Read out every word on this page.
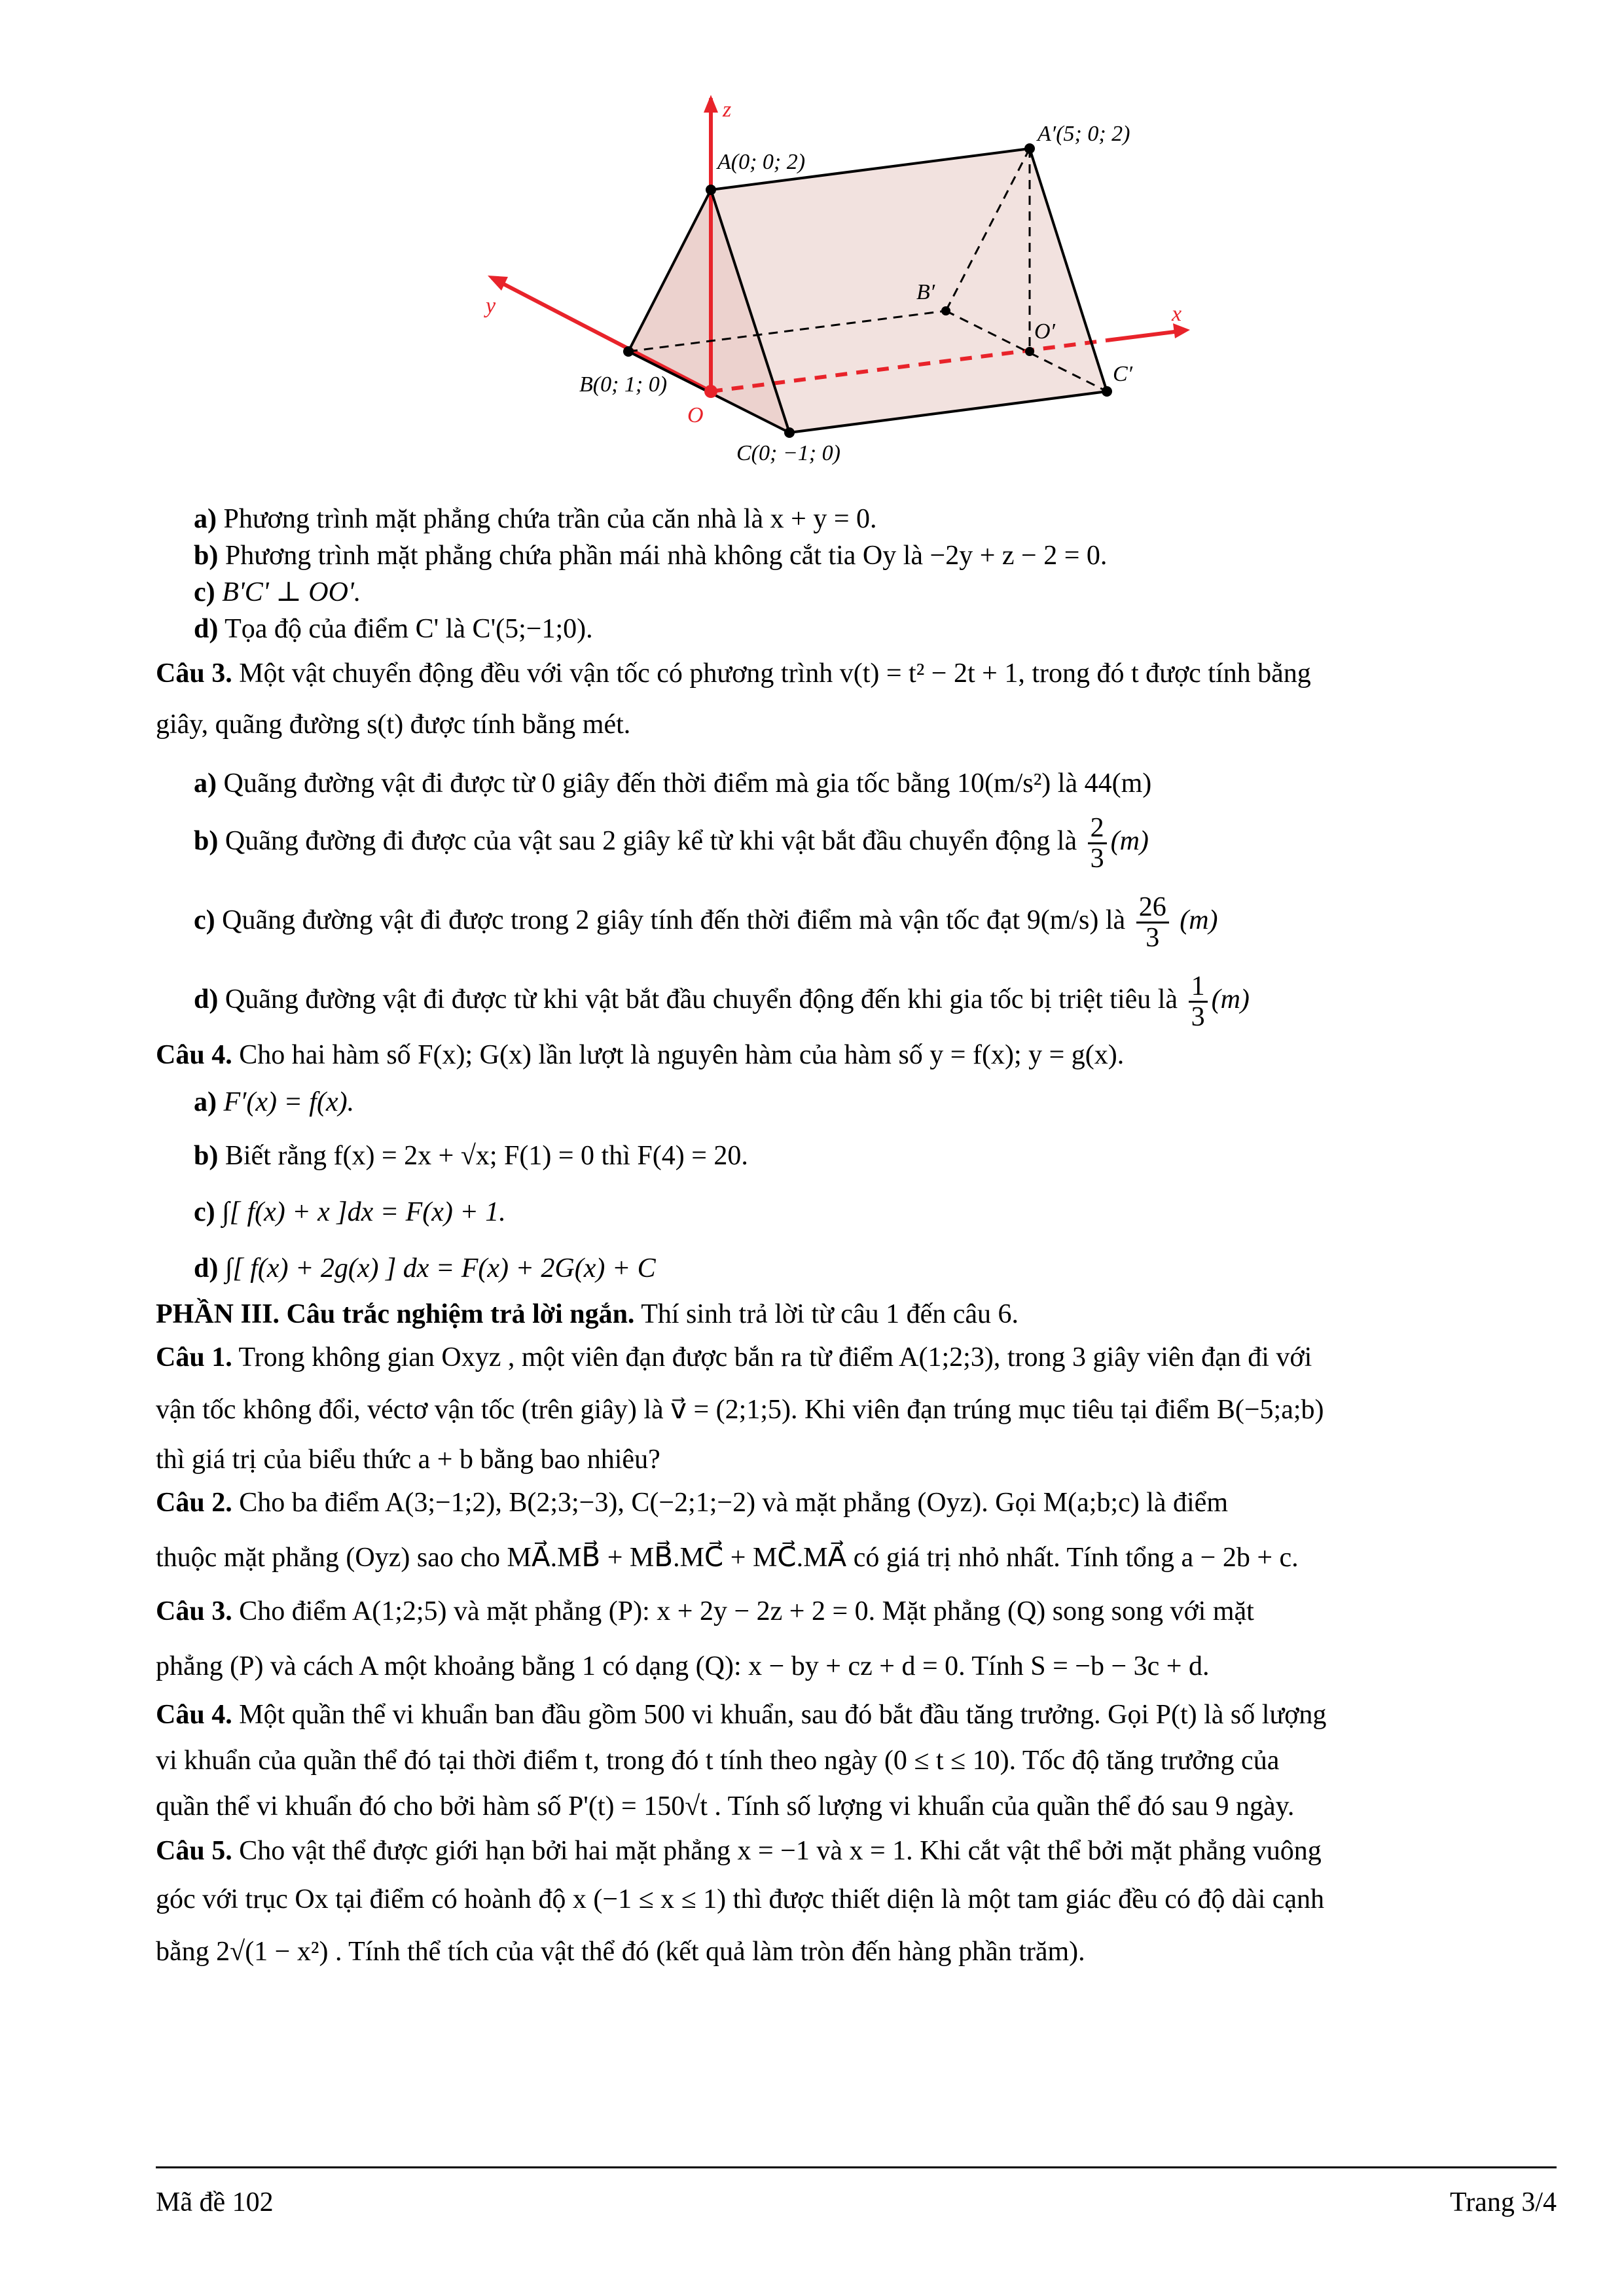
z
y	x
A(0; 0; 2)
A′(5; 0; 2)
B(0; 1; 0)
B′
O
O′
C(0; −1; 0)
C′

a) Phương trình mặt phẳng chứa trần của căn nhà là x + y = 0.

b) Phương trình mặt phẳng chứa phần mái nhà không cắt tia Oy là −2y + z − 2 = 0.

c) B'C' ⊥ OO'.

d) Tọa độ của điểm C' là C'(5;−1;0).

Câu 3. Một vật chuyển động đều với vận tốc có phương trình v(t) = t² − 2t + 1, trong đó t được tính bằng

giây, quãng đường s(t) được tính bằng mét.

a) Quãng đường vật đi được từ 0 giây đến thời điểm mà gia tốc bằng 10(m/s²) là 44(m)

b) Quãng đường đi được của vật sau 2 giây kể từ khi vật bắt đầu chuyển động là $\frac{2}{3} (m)$

c) Quãng đường vật đi được trong 2 giây tính đến thời điểm mà vận tốc đạt 9(m/s) là $\frac{26}{3} (m)$

d) Quãng đường vật đi được từ khi vật bắt đầu chuyển động đến khi gia tốc bị triệt tiêu là $\frac{1}{3} (m)$

Câu 4. Cho hai hàm số F(x); G(x) lần lượt là nguyên hàm của hàm số y = f(x); y = g(x).

a) F′(x) = f(x).

b) Biết rằng f(x) = 2x + √x; F(1) = 0 thì F(4) = 20.

c) ∫[ f(x) + x ]dx = F(x) + 1.

d) ∫[ f(x) + 2g(x) ] dx = F(x) + 2G(x) + C

PHẦN III. Câu trắc nghiệm trả lời ngắn. Thí sinh trả lời từ câu 1 đến câu 6.

Câu 1. Trong không gian Oxyz , một viên đạn được bắn ra từ điểm A(1;2;3), trong 3 giây viên đạn đi với

vận tốc không đổi, véctơ vận tốc (trên giây) là v⃗ = (2;1;5). Khi viên đạn trúng mục tiêu tại điểm B(−5;a;b)

thì giá trị của biểu thức a + b bằng bao nhiêu?

Câu 2. Cho ba điểm A(3;−1;2), B(2;3;−3), C(−2;1;−2) và mặt phẳng (Oyz). Gọi M(a;b;c) là điểm

thuộc mặt phẳng (Oyz) sao cho MA⃗.MB⃗ + MB⃗.MC⃗ + MC⃗.MA⃗ có giá trị nhỏ nhất. Tính tổng a − 2b + c.

Câu 3. Cho điểm A(1;2;5) và mặt phẳng (P): x + 2y − 2z + 2 = 0. Mặt phẳng (Q) song song với mặt

phẳng (P) và cách A một khoảng bằng 1 có dạng (Q): x − by + cz + d = 0. Tính S = −b − 3c + d.

Câu 4. Một quần thể vi khuẩn ban đầu gồm 500 vi khuẩn, sau đó bắt đầu tăng trưởng. Gọi P(t) là số lượng

vi khuẩn của quần thể đó tại thời điểm t, trong đó t tính theo ngày (0 ≤ t ≤ 10). Tốc độ tăng trưởng của

quần thể vi khuẩn đó cho bởi hàm số P'(t) = 150√t . Tính số lượng vi khuẩn của quần thể đó sau 9 ngày.

Câu 5. Cho vật thể được giới hạn bởi hai mặt phẳng x = −1 và x = 1. Khi cắt vật thể bởi mặt phẳng vuông

góc với trục Ox tại điểm có hoành độ x (−1 ≤ x ≤ 1) thì được thiết diện là một tam giác đều có độ dài cạnh

bằng 2√(1 − x²) . Tính thể tích của vật thể đó (kết quả làm tròn đến hàng phần trăm).

Mã đề 102	Trang 3/4
